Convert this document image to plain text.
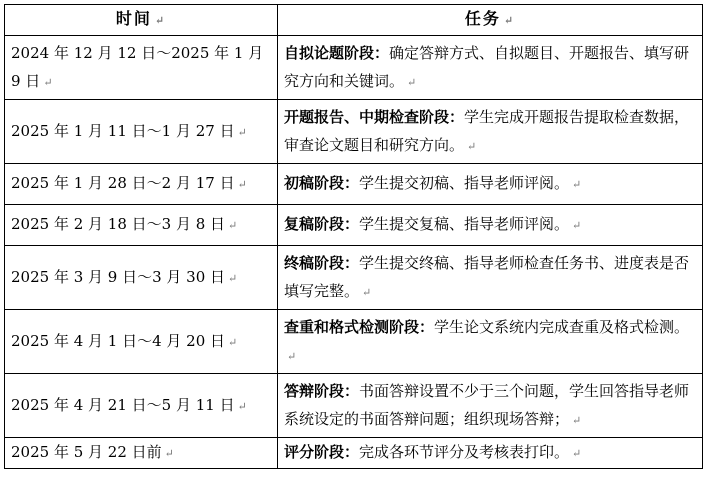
时间 ↵	任务 ↵
2024 年 12 月 12 日～2025 年 1 月 9 日 ↵	自拟论题阶段：确定答辩方式、自拟题目、开题报告、填写研究方向和关键词。 ↵
2025 年 1 月 11 日～1 月 27 日 ↵	开题报告、中期检查阶段：学生完成开题报告提取检查数据，审查论文题目和研究方向。 ↵
2025 年 1 月 28 日～2 月 17 日 ↵	初稿阶段：学生提交初稿、指导老师评阅。 ↵
2025 年 2 月 18 日～3 月 8 日 ↵	复稿阶段：学生提交复稿、指导老师评阅。 ↵
2025 年 3 月 9 日～3 月 30 日 ↵	终稿阶段：学生提交终稿、指导老师检查任务书、进度表是否 填写完整。 ↵
2025 年 4 月 1 日～4 月 20 日 ↵	查重和格式检测阶段：学生论文系统内完成查重及格式检测。↵
2025 年 4 月 21 日～5 月 11 日 ↵	答辩阶段：书面答辩设置不少于三个问题，学生回答指导老师系统设定的书面答辩问题；组织现场答辩； ↵
2025 年 5 月 22 日前 ↵	评分阶段：完成各环节评分及考核表打印。 ↵
